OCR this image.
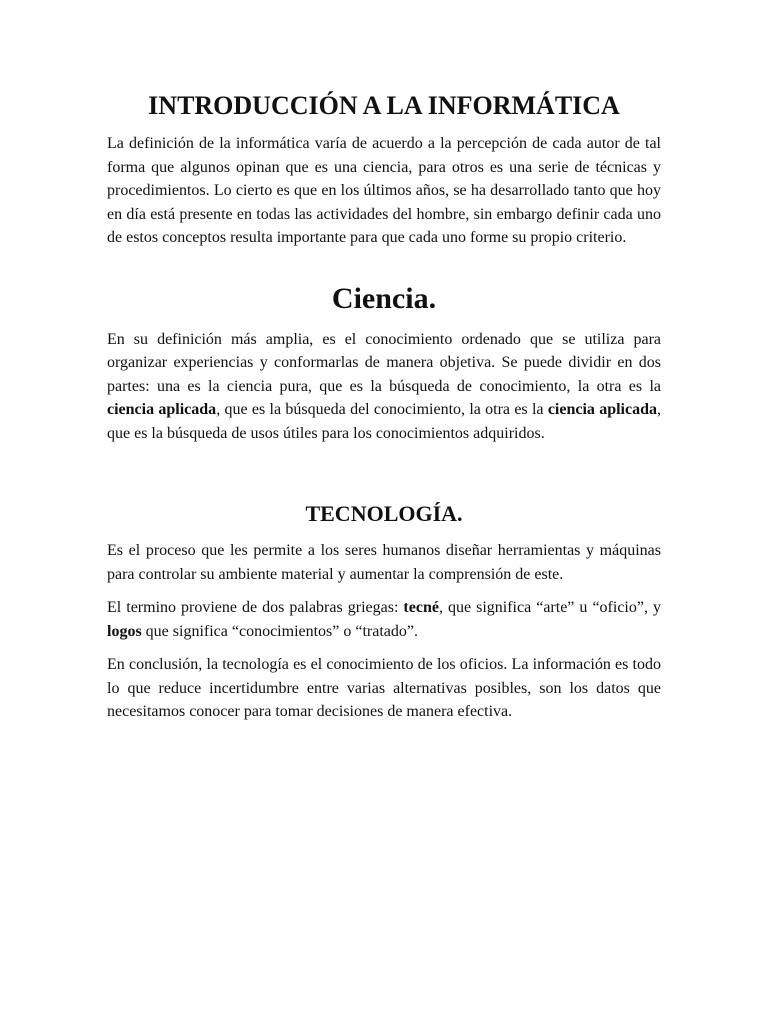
INTRODUCCIÓN A LA INFORMÁTICA

La definición de la informática varía de acuerdo a la percepción de cada autor de tal forma que algunos opinan que es una ciencia, para otros es una serie de técnicas y procedimientos. Lo cierto es que en los últimos años, se ha desarrollado tanto que hoy en día está presente en todas las actividades del hombre, sin embargo definir cada uno de estos conceptos resulta importante para que cada uno forme su propio criterio.

Ciencia.

En su definición más amplia, es el conocimiento ordenado que se utiliza para organizar experiencias y conformarlas de manera objetiva. Se puede dividir en dos partes: una es la ciencia pura, que es la búsqueda de conocimiento, la otra es la ciencia aplicada, que es la búsqueda del conocimiento, la otra es la ciencia aplicada, que es la búsqueda de usos útiles para los conocimientos adquiridos.

TECNOLOGÍA.

Es el proceso que les permite a los seres humanos diseñar herramientas y máquinas para controlar su ambiente material y aumentar la comprensión de este.

El termino proviene de dos palabras griegas: tecné, que significa “arte” u “oficio”, y logos que significa “conocimientos” o “tratado”.

En conclusión, la tecnología es el conocimiento de los oficios. La información es todo lo que reduce incertidumbre entre varias alternativas posibles, son los datos que necesitamos conocer para tomar decisiones de manera efectiva.
